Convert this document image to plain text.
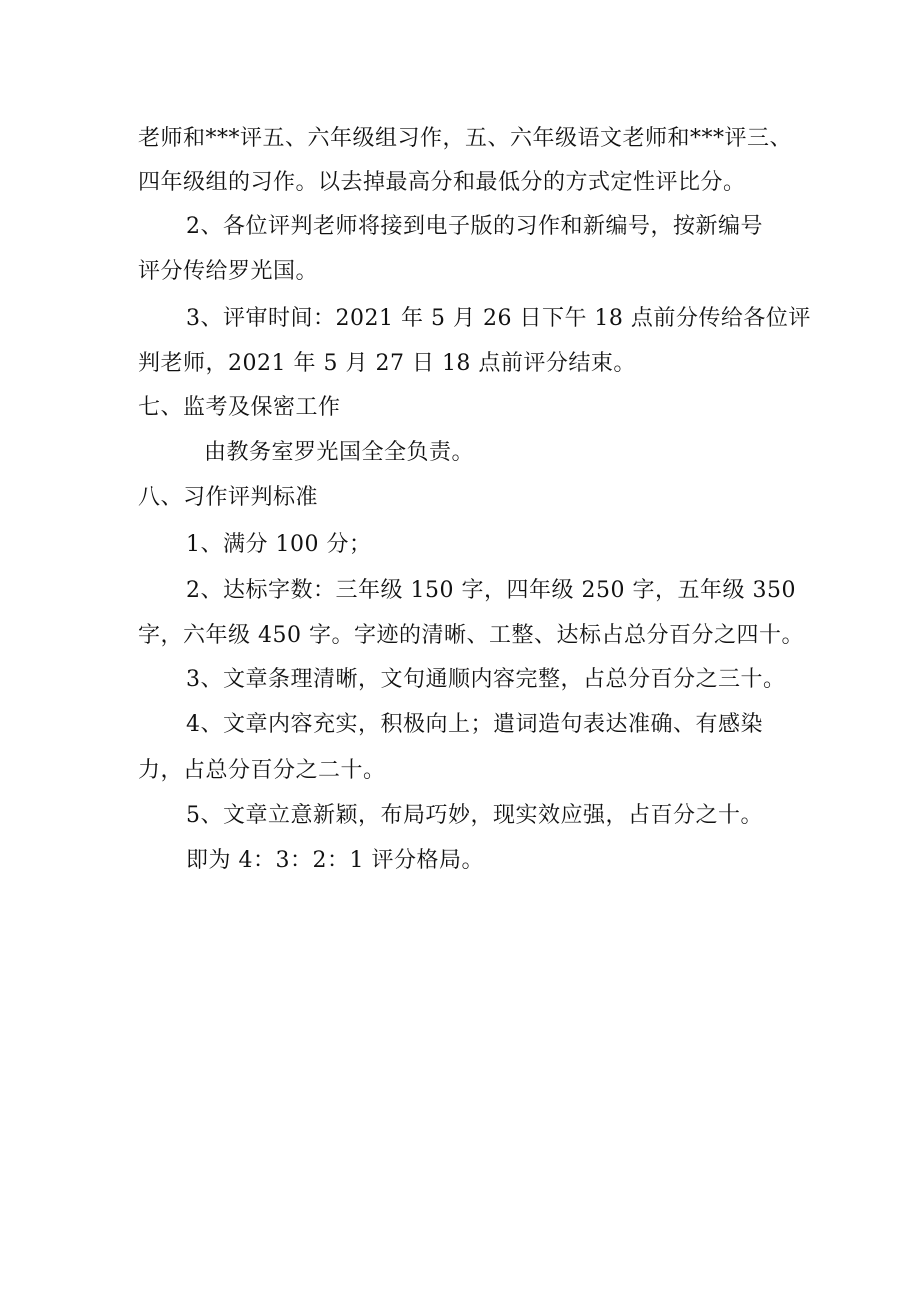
老师和***评五、六年级组习作，五、六年级语文老师和***评三、
四年级组的习作。以去掉最高分和最低分的方式定性评比分。
2、各位评判老师将接到电子版的习作和新编号，按新编号
评分传给罗光国。
3、评审时间：2021 年 5 月 26 日下午 18 点前分传给各位评
判老师，2021 年 5 月 27 日 18 点前评分结束。
七、监考及保密工作
由教务室罗光国全全负责。
八、习作评判标准
1、满分 100 分；
2、达标字数：三年级 150 字，四年级 250 字，五年级 350
字，六年级 450 字。字迹的清晰、工整、达标占总分百分之四十。
3、文章条理清晰，文句通顺内容完整，占总分百分之三十。
4、文章内容充实，积极向上；遣词造句表达准确、有感染
力，占总分百分之二十。
5、文章立意新颖，布局巧妙，现实效应强，占百分之十。
即为 4：3：2：1 评分格局。
